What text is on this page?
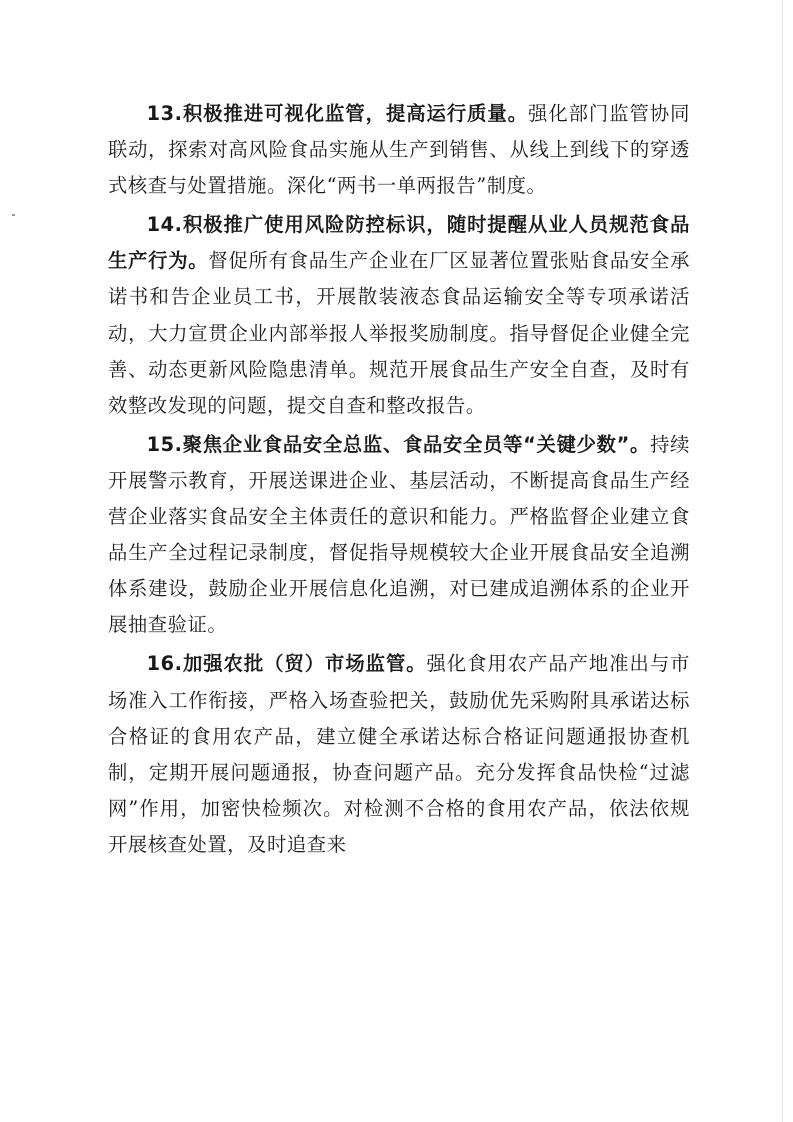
13.积极推进可视化监管，提高运行质量。强化部门监管协同联动，探索对高风险食品实施从生产到销售、从线上到线下的穿透式核查与处置措施。深化“两书一单两报告”制度。

14.积极推广使用风险防控标识，随时提醒从业人员规范食品生产行为。督促所有食品生产企业在厂区显著位置张贴食品安全承诺书和告企业员工书，开展散装液态食品运输安全等专项承诺活动，大力宣贯企业内部举报人举报奖励制度。指导督促企业健全完善、动态更新风险隐患清单。规范开展食品生产安全自查，及时有效整改发现的问题，提交自查和整改报告。

15.聚焦企业食品安全总监、食品安全员等“关键少数”。持续开展警示教育，开展送课进企业、基层活动，不断提高食品生产经营企业落实食品安全主体责任的意识和能力。严格监督企业建立食品生产全过程记录制度，督促指导规模较大企业开展食品安全追溯体系建设，鼓励企业开展信息化追溯，对已建成追溯体系的企业开展抽查验证。

16.加强农批（贸）市场监管。强化食用农产品产地准出与市场准入工作衔接，严格入场查验把关，鼓励优先采购附具承诺达标合格证的食用农产品，建立健全承诺达标合格证问题通报协查机制，定期开展问题通报，协查问题产品。充分发挥食品快检“过滤网”作用，加密快检频次。对检测不合格的食用农产品，依法依规开展核查处置，及时追查来
